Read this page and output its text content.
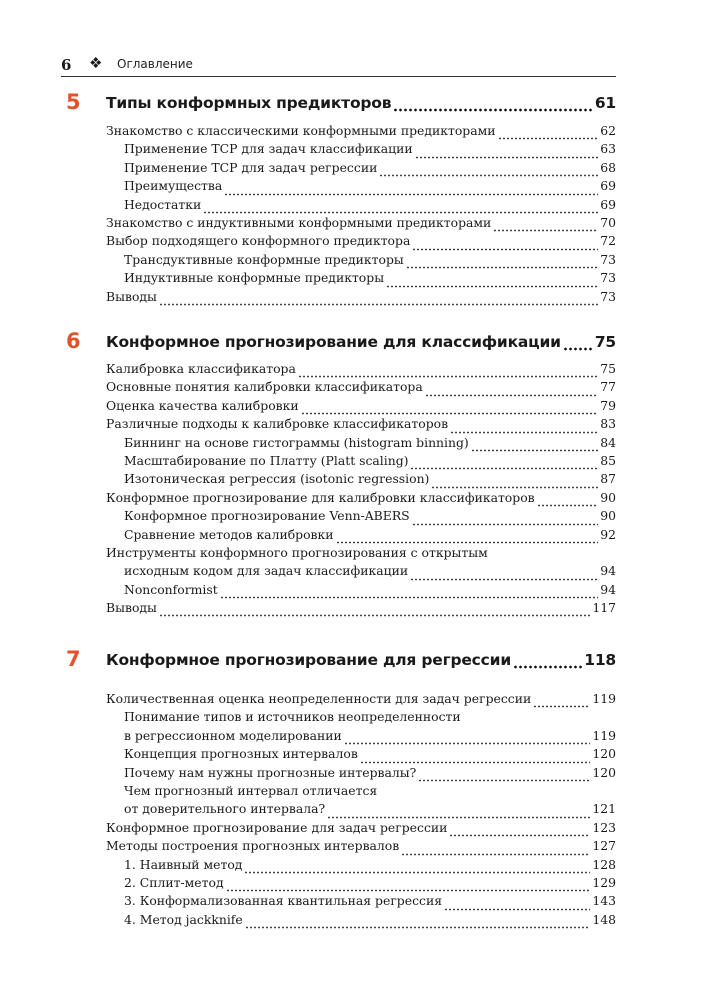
6 ❖ Оглавление
5 Типы конформных предикторов	61
Знакомство с классическими конформными предикторами	62
Применение TCP для задач классификации	63
Применение TCP для задач регрессии	68
Преимущества	69
Недостатки	69
Знакомство с индуктивными конформными предикторами	70
Выбор подходящего конформного предиктора	72
Трансдуктивные конформные предикторы	73
Индуктивные конформные предикторы	73
Выводы	73
6 Конформное прогнозирование для классификации 75
Калибровка классификатора	75
Основные понятия калибровки классификатора	77
Оценка качества калибровки	79
Различные подходы к калибровке классификаторов	83
Биннинг на основе гистограммы (histogram binning)	84
Масштабирование по Платту (Platt scaling)	85
Изотоническая регрессия (isotonic regression)	87
Конформное прогнозирование для калибровки классификаторов	90
Конформное прогнозирование Venn-ABERS	90
Сравнение методов калибровки	92
Инструменты конформного прогнозирования с открытым
исходным кодом для задач классификации	94
Nonconformist	94
Выводы	117
7 Конформное прогнозирование для регрессии	118
Количественная оценка неопределенности для задач регрессии	119
Понимание типов и источников неопределенности
в регрессионном моделировании	119
Концепция прогнозных интервалов	120
Почему нам нужны прогнозные интервалы?	120
Чем прогнозный интервал отличается
от доверительного интервала?	121
Конформное прогнозирование для задач регрессии	123
Методы построения прогнозных интервалов	127
1. Наивный метод	128
2. Сплит-метод	129
3. Конформализованная квантильная регрессия	143
4. Метод jackknife	148
